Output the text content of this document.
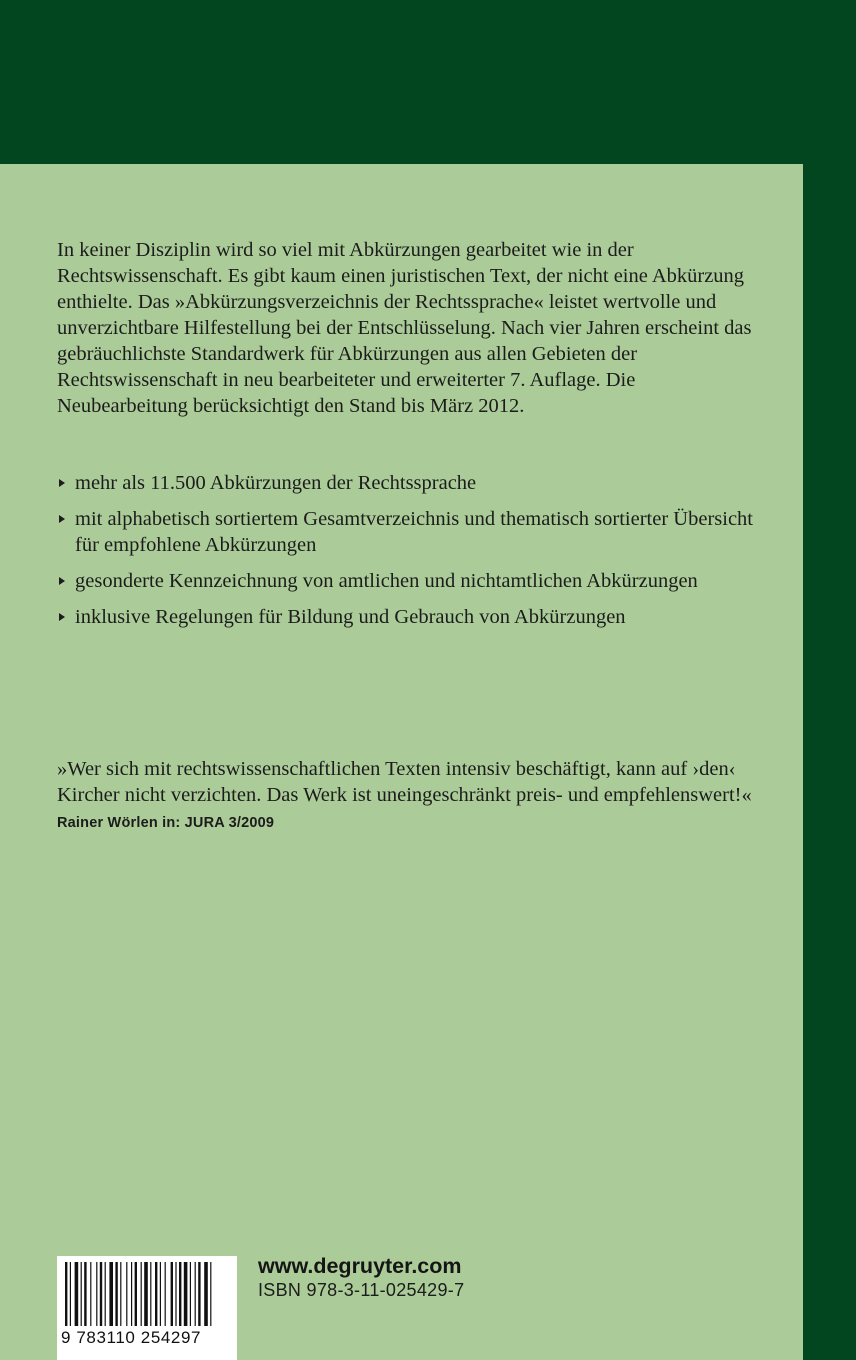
In keiner Disziplin wird so viel mit Abkürzungen gearbeitet wie in der Rechtswissenschaft. Es gibt kaum einen juristischen Text, der nicht eine Abkürzung enthielte. Das »Abkürzungsverzeichnis der Rechtssprache« leistet wertvolle und unverzichtbare Hilfestellung bei der Entschlüsselung. Nach vier Jahren erscheint das gebräuchlichste Standardwerk für Abkürzungen aus allen Gebieten der Rechtswissenschaft in neu bearbeiteter und erweiterter 7. Auflage. Die Neubearbeitung berücksichtigt den Stand bis März 2012.

mehr als 11.500 Abkürzungen der Rechtssprache
mit alphabetisch sortiertem Gesamtverzeichnis und thematisch sortierter Übersicht für empfohlene Abkürzungen
gesonderte Kennzeichnung von amtlichen und nichtamtlichen Abkürzungen
inklusive Regelungen für Bildung und Gebrauch von Abkürzungen

»Wer sich mit rechtswissenschaftlichen Texten intensiv beschäftigt, kann auf ›den‹ Kircher nicht verzichten. Das Werk ist uneingeschränkt preis- und empfehlenswert!« Rainer Wörlen in: JURA 3/2009

9 783110 254297
www.degruyter.com
ISBN 978-3-11-025429-7
